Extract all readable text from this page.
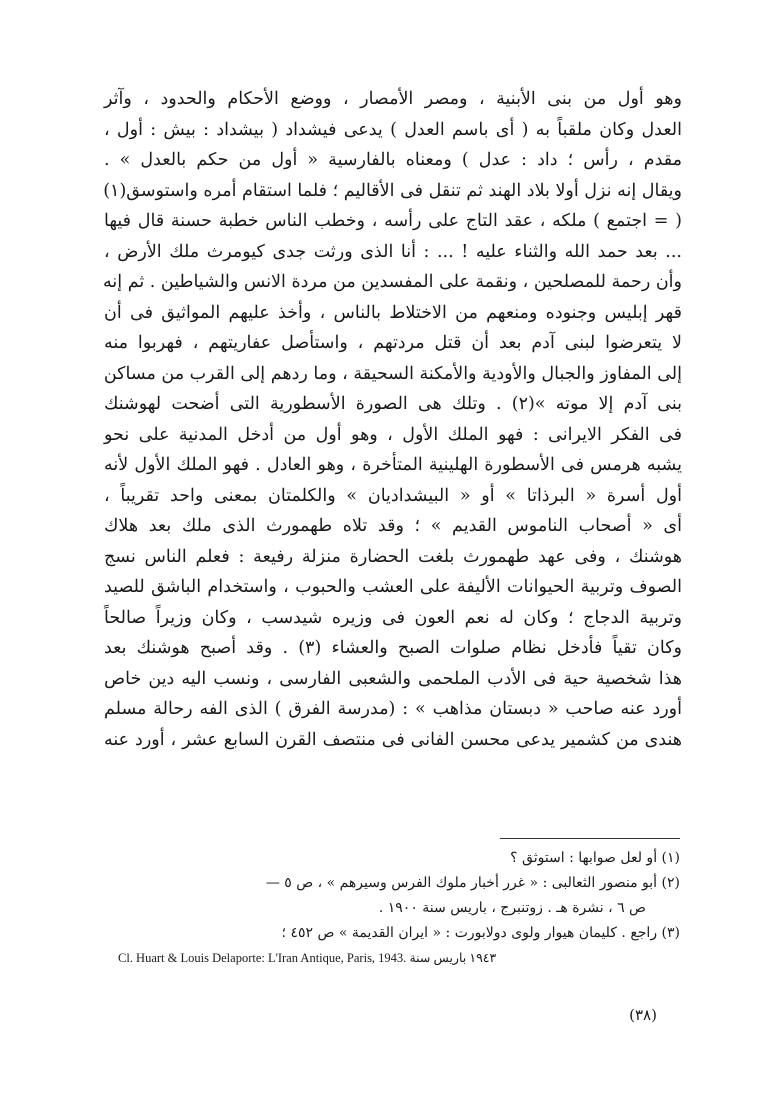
وهو أول من بنى الأبنية ، ومصر الأمصار ، ووضع الأحكام والحدود ، وآثر
العدل وكان ملقباً به ( أى باسم العدل ) يدعى فيشداد ( بيشداد : بيش : أول ،
مقدم ، رأس ؛ داد : عدل ) ومعناه بالفارسية « أول من حكم بالعدل » .
ويقال إنه نزل أولا بلاد الهند ثم تنقل فى الأقاليم ؛ فلما استقام أمره واستوسق(١)
( = اجتمع ) ملكه ، عقد التاج على رأسه ، وخطب الناس خطبة حسنة قال فيها
... بعد حمد الله والثناء عليه ! ... : أنا الذى ورثت جدى كيومرث ملك الأرض ،
وأن رحمة للمصلحين ، ونقمة على المفسدين من مردة الانس والشياطين . ثم إنه
قهر إبليس وجنوده ومنعهم من الاختلاط بالناس ، وأخذ عليهم المواثيق فى أن
لا يتعرضوا لبنى آدم بعد أن قتل مردتهم ، واستأصل عفاريتهم ، فهربوا منه
إلى المفاوز والجبال والأودية والأمكنة السحيقة ، وما ردهم إلى القرب من مساكن
بنى آدم إلا موته »(٢) . وتلك هى الصورة الأسطورية التى أضحت لهوشنك
فى الفكر الايرانى : فهو الملك الأول ، وهو أول من أدخل المدنية على نحو
يشبه هرمس فى الأسطورة الهلينية المتأخرة ، وهو العادل . فهو الملك الأول لأنه
أول أسرة « البرذاتا » أو « البيشداديان » والكلمتان بمعنى واحد تقريباً ،
أى « أصحاب الناموس القديم » ؛ وقد تلاه طهمورث الذى ملك بعد هلاك
هوشنك ، وفى عهد طهمورث بلغت الحضارة منزلة رفيعة : فعلم الناس نسج
الصوف وتربية الحيوانات الأليفة على العشب والحبوب ، واستخدام الباشق للصيد
وتربية الدجاج ؛ وكان له نعم العون فى وزيره شيدسب ، وكان وزيراً صالحاً
وكان تقياً فأدخل نظام صلوات الصبح والعشاء (٣) . وقد أصبح هوشنك بعد
هذا شخصية حية فى الأدب الملحمى والشعبى الفارسى ، ونسب اليه دين خاص
أورد عنه صاحب « دبستان مذاهب » : (مدرسة الفرق ) الذى الفه رحالة مسلم
هندى من كشمير يدعى محسن الفانى فى منتصف القرن السابع عشر ، أورد عنه
(١) أو لعل صوابها : استوثق ؟
(٢) أبو منصور الثعالبى : « غرر أخبار ملوك الفرس وسيرهم » ، ص ٥ —
ص ٦ ، نشرة هـ . زوتنبرج ، باريس سنة ١٩٠٠ .
(٣) راجع . كليمان هيوار ولوى دولابورت : « ايران القديمة » ص ٤٥٢ ؛
Cl. Huart & Louis Delaporte: L'Iran Antique, Paris, 1943. ١٩٤٣ باريس سنة
(٣٨)
